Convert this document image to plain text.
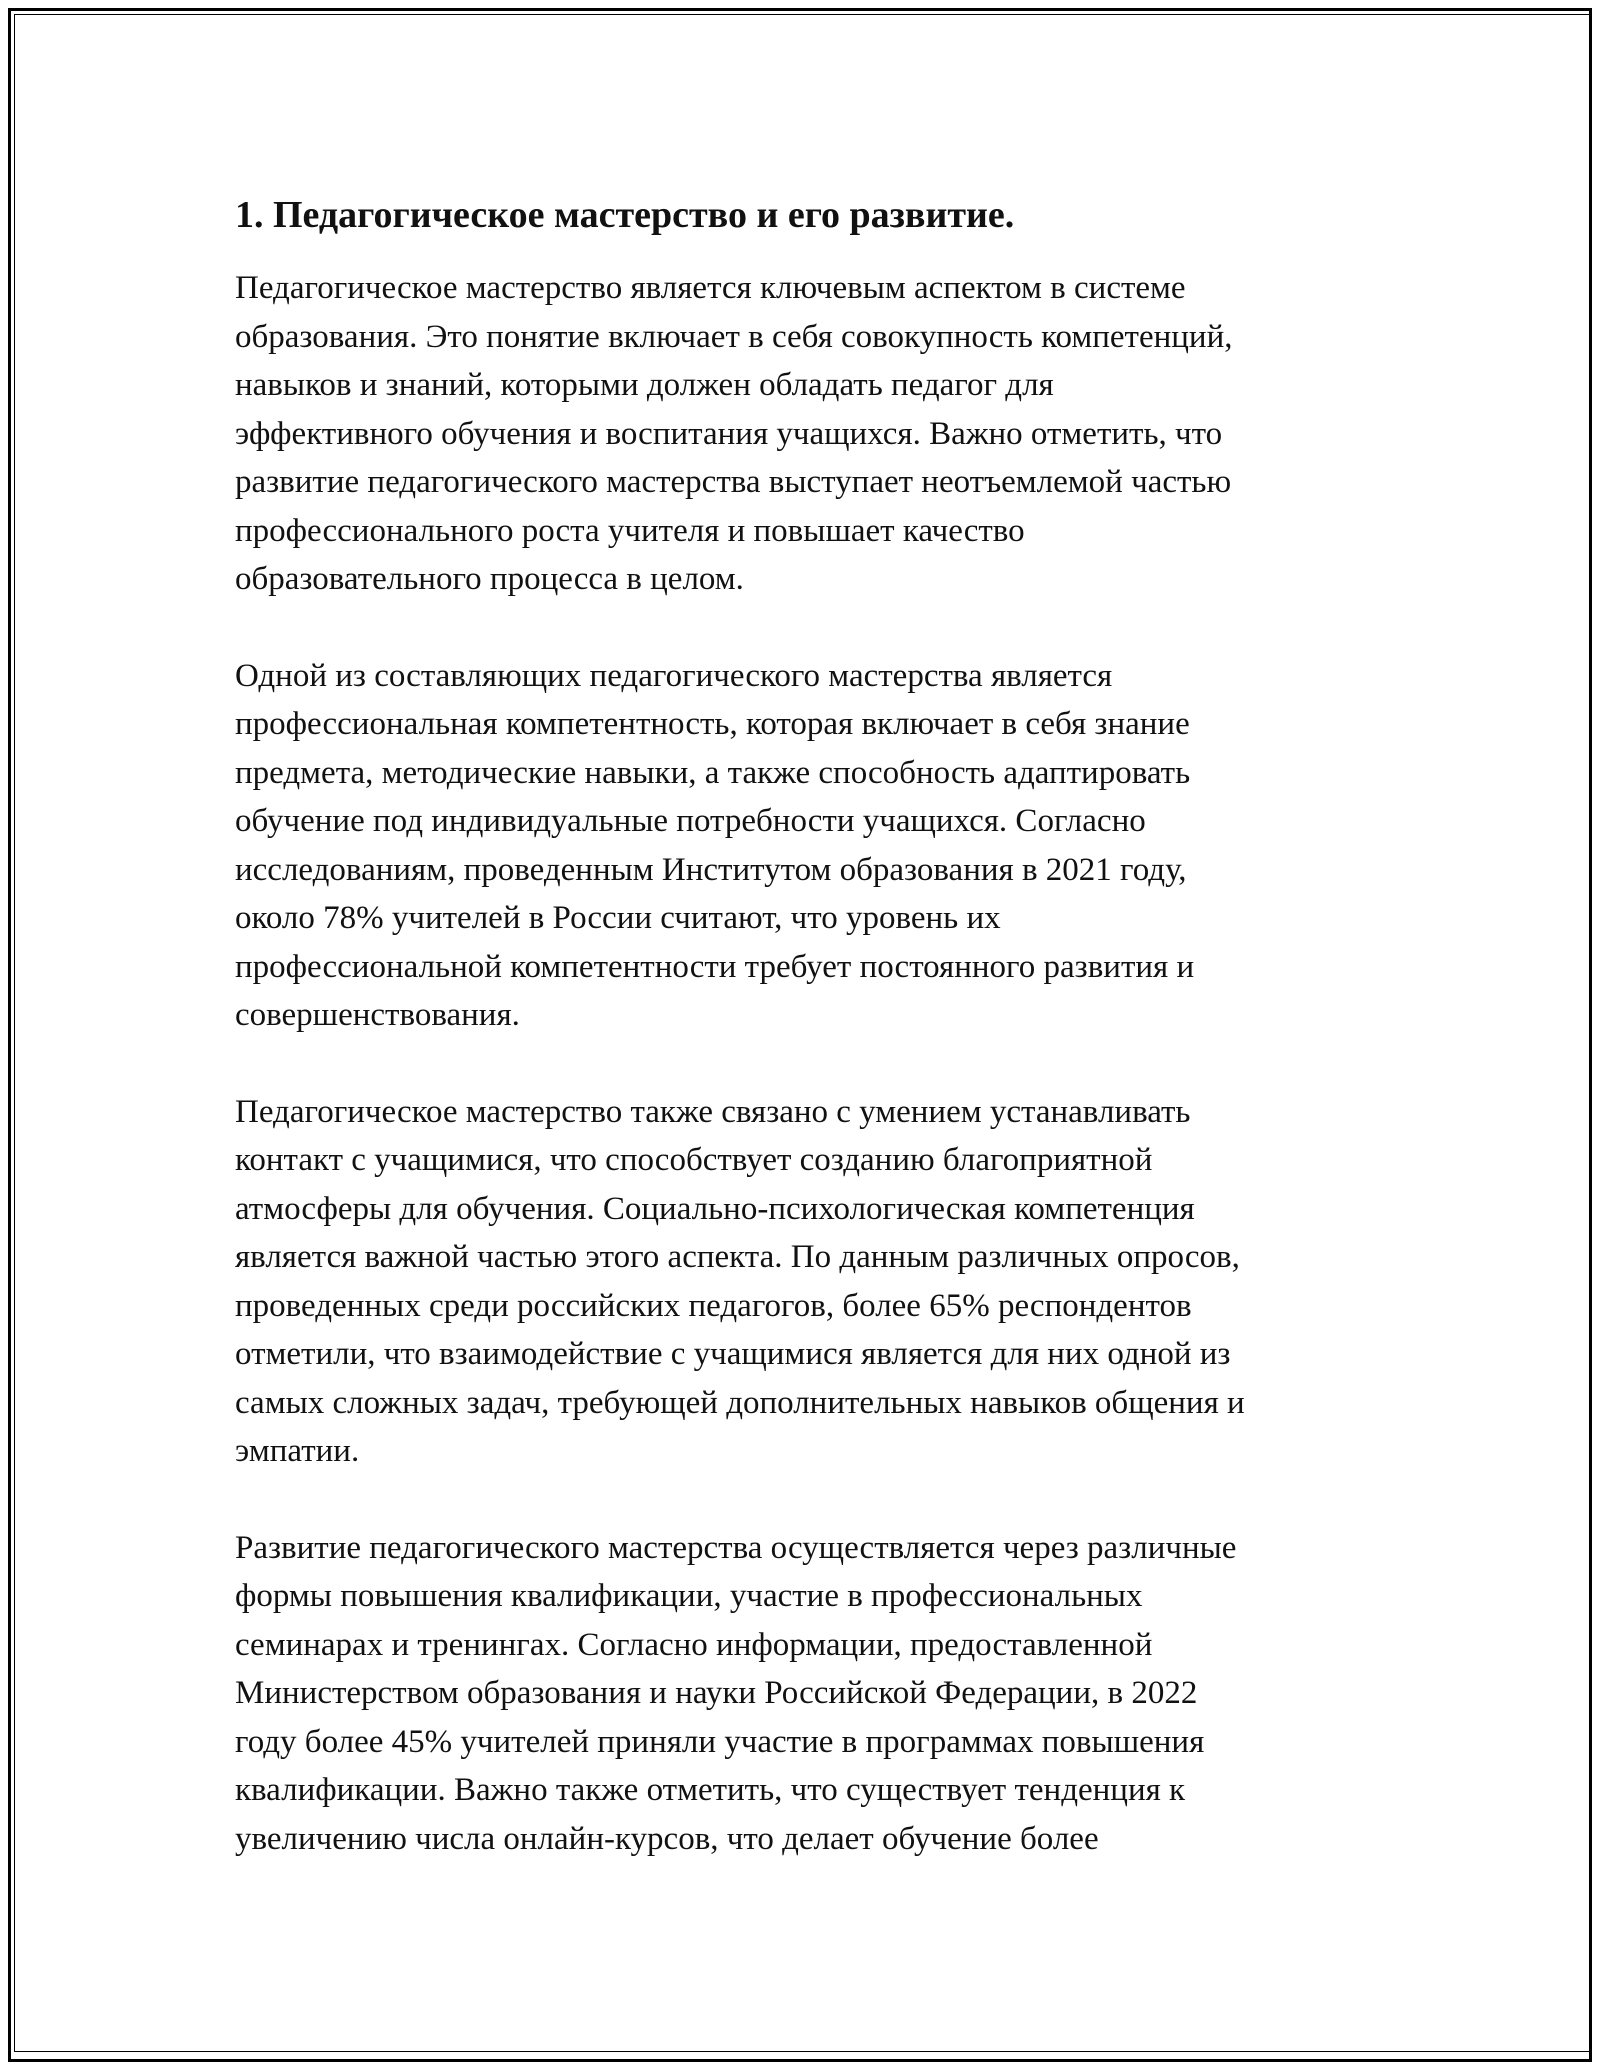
1. Педагогическое мастерство и его развитие.
Педагогическое мастерство является ключевым аспектом в системе
образования. Это понятие включает в себя совокупность компетенций,
навыков и знаний, которыми должен обладать педагог для
эффективного обучения и воспитания учащихся. Важно отметить, что
развитие педагогического мастерства выступает неотъемлемой частью
профессионального роста учителя и повышает качество
образовательного процесса в целом.
Одной из составляющих педагогического мастерства является
профессиональная компетентность, которая включает в себя знание
предмета, методические навыки, а также способность адаптировать
обучение под индивидуальные потребности учащихся. Согласно
исследованиям, проведенным Институтом образования в 2021 году,
около 78% учителей в России считают, что уровень их
профессиональной компетентности требует постоянного развития и
совершенствования.
Педагогическое мастерство также связано с умением устанавливать
контакт с учащимися, что способствует созданию благоприятной
атмосферы для обучения. Социально-психологическая компетенция
является важной частью этого аспекта. По данным различных опросов,
проведенных среди российских педагогов, более 65% респондентов
отметили, что взаимодействие с учащимися является для них одной из
самых сложных задач, требующей дополнительных навыков общения и
эмпатии.
Развитие педагогического мастерства осуществляется через различные
формы повышения квалификации, участие в профессиональных
семинарах и тренингах. Согласно информации, предоставленной
Министерством образования и науки Российской Федерации, в 2022
году более 45% учителей приняли участие в программах повышения
квалификации. Важно также отметить, что существует тенденция к
увеличению числа онлайн-курсов, что делает обучение более
